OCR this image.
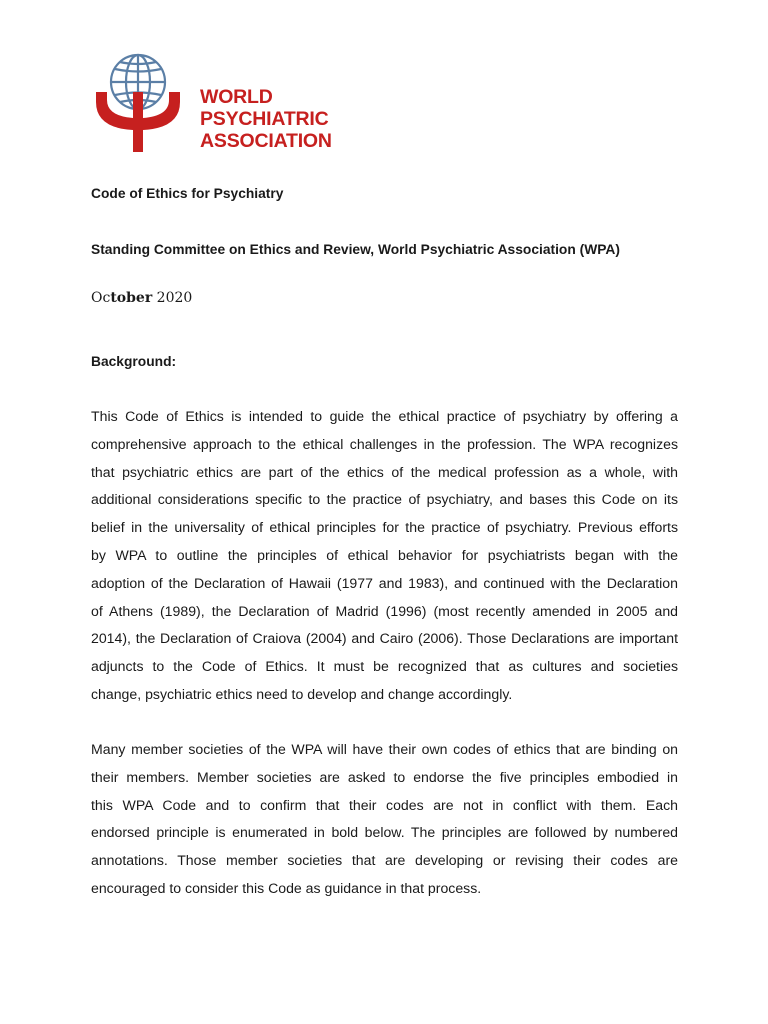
WORLD
PSYCHIATRIC
ASSOCIATION
Code of Ethics for Psychiatry
Standing Committee on Ethics and Review, World Psychiatric Association (WPA)
October 2020
Background:
This Code of Ethics is intended to guide the ethical practice of psychiatry by offering a
comprehensive approach to the ethical challenges in the profession. The WPA recognizes
that psychiatric ethics are part of the ethics of the medical profession as a whole, with
additional considerations specific to the practice of psychiatry, and bases this Code on its
belief in the universality of ethical principles for the practice of psychiatry. Previous efforts
by WPA to outline the principles of ethical behavior for psychiatrists began with the
adoption of the Declaration of Hawaii (1977 and 1983), and continued with the Declaration
of Athens (1989), the Declaration of Madrid (1996) (most recently amended in 2005 and
2014), the Declaration of Craiova (2004) and Cairo (2006). Those Declarations are important
adjuncts to the Code of Ethics. It must be recognized that as cultures and societies
change, psychiatric ethics need to develop and change accordingly.
Many member societies of the WPA will have their own codes of ethics that are binding on
their members. Member societies are asked to endorse the five principles embodied in
this WPA Code and to confirm that their codes are not in conflict with them. Each
endorsed principle is enumerated in bold below. The principles are followed by numbered
annotations. Those member societies that are developing or revising their codes are
encouraged to consider this Code as guidance in that process.
